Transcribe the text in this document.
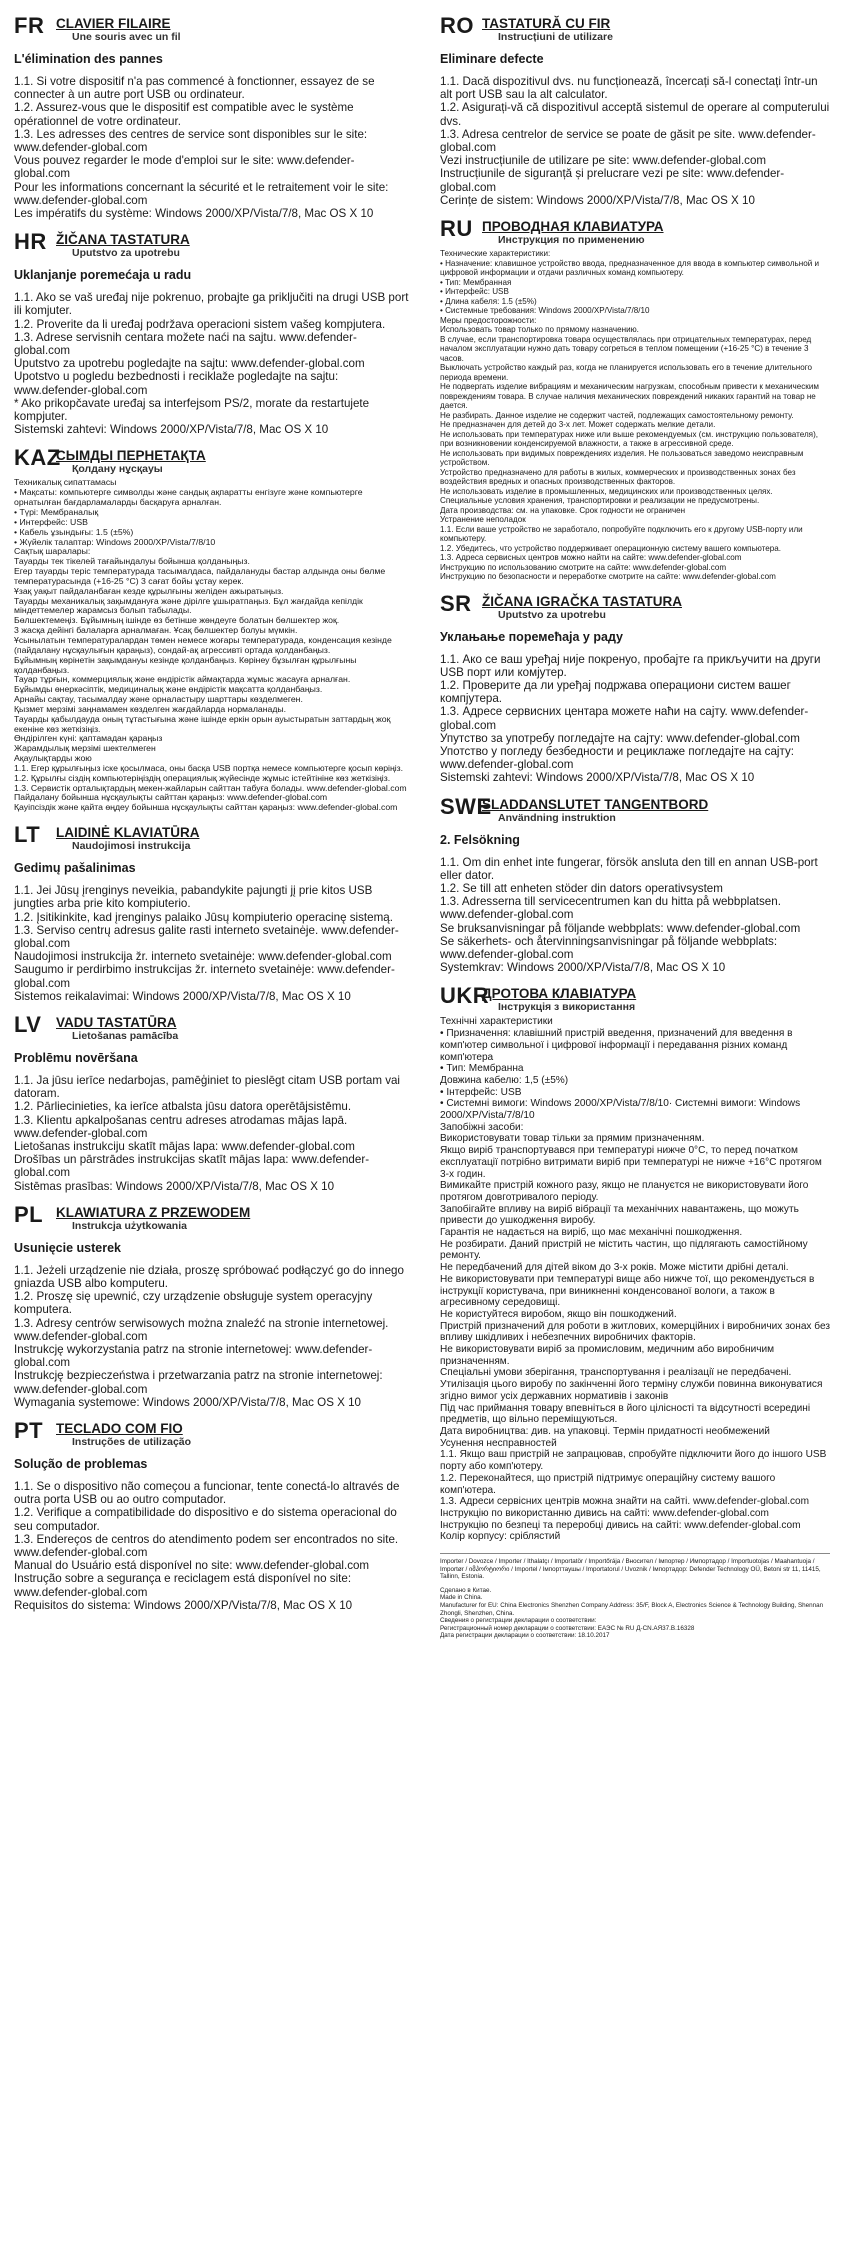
FR CLAVIER FILAIRE
Une souris avec un fil
L'élimination des pannes
1.1. Si votre dispositif n'a pas commencé à fonctionner, essayez de se connecter à un autre port USB ou ordinateur.
1.2. Assurez-vous que le dispositif est compatible avec le système opérationnel de votre ordinateur.
1.3. Les adresses des centres de service sont disponibles sur le site: www.defender-global.com
Vous pouvez regarder le mode d'emploi sur le site: www.defender-global.com
Pour les informations concernant la sécurité et le retraitement voir le site: www.defender-global.com
Les impératifs du système: Windows 2000/XP/Vista/7/8, Mac OS X 10
HR ŽIČANA TASTATURA
Uputstvo za upotrebu
Uklanjanje poremećaja u radu
1.1. Ako se vaš uređaj nije pokrenuo, probajte ga priključiti na drugi USB port ili komjuter.
1.2. Proverite da li uređaj podržava operacioni sistem vašeg kompjutera.
1.3. Adrese servisnih centara možete naći na sajtu. www.defender-global.com
Uputstvo za upotrebu pogledajte na sajtu: www.defender-global.com
Upotstvo u pogledu bezbednosti i reciklaže pogledajte na sajtu: www.defender-global.com
* Ako prikopčavate uređaj sa interfejsom PS/2, morate da restartujete kompjuter.
Sistemski zahtevi: Windows 2000/XP/Vista/7/8, Mac OS X 10
KAZ
СЫМДЫ ПЕРНЕТАҚТА
Қолдану нұсқауы
Техникалық сипаттамасы
• Мақсаты: компьютерге символды және сандық ақпаратты енгізуге және компьютерге орнатылған бағдарламаларды басқаруға арналған.
• Түрі: Мембраналық
• Интерфейс: USB
• Кабель ұзындығы: 1.5 (±5%)
• Жүйелік талаптар: Windows 2000/XP/Vista/7/8/10
Сақтық шаралары:
Тауарды тек тікелей тағайындалуы бойынша қолданыңыз.
Егер тауарды теріс температурада тасымалдаса, пайдалануды бастар алдында оны бөлме температурасында (+16-25 °С) 3 сағат бойы ұстау керек.
Ұзақ уақыт пайдаланбаған кезде құрылғыны желіден ажыратыңыз.
Тауарды механикалық зақымдануға және дірілге ұшыратпаңыз. Бұл жағдайда кепілдік міндеттемелер жарамсыз болып табылады.
Бөлшектемеңіз. Бұйымның ішінде өз бетінше жөндеуге болатын бөлшектер жоқ.
3 жасқа дейінгі балаларға арналмаған. Ұсақ бөлшектер болуы мүмкін.
Ұсынылатын температуралардан төмен немесе жоғары температурада, конденсация кезінде (пайдалану нұсқаулығын қараңыз), сондай-ақ агрессивті ортада қолданбаңыз.
Бұйымның көрінетін зақымдануы кезінде қолданбаңыз. Көрінеу бұзылған құрылғыны қолданбаңыз.
Тауар тұрғын, коммерциялық және өндірістік аймақтарда жұмыс жасауға арналған.
Бұйымды өнеркәсіптік, медициналық және өндірістік мақсатта қолданбаңыз.
Арнайы сақтау, тасымалдау және орналастыру шарттары көзделмеген.
Қызмет мерзімі заңнамамен көзделген жағдайларда нормаланады.
Тауарды қабылдауда оның тұтастығына және ішінде еркін орын ауыстыратын заттардың жоқ екеніне көз жеткізіңіз.
Өндірілген күні: қаптамадан қараңыз
Жарамдылық мерзімі шектелмеген
Ақаулықтарды жою
1.1. Егер құрылғыңыз іске қосылмаса, оны басқа USB портқа немесе компьютерге қосып көріңіз.
1.2. Құрылғы сіздің компьютеріңіздің операциялық жүйесінде жұмыс істейтініне көз жеткізіңіз.
1.3. Сервистік орталықтардың мекен-жайларын сайттан табуға болады. www.defender-global.com
Пайдалану бойынша нұсқаулықты сайттан қараңыз: www.defender-global.com
Қауіпсіздік және қайта өңдеу бойынша нұсқаулықты сайттан қараңыз: www.defender-global.com
LT	LAIDINĖ KLAVIATŪRA
Naudojimosi instrukcija
Gedimų pašalinimas
1.1. Jei Jūsų įrenginys neveikia, pabandykite pajungti jį prie kitos USB jungties arba prie kito kompiuterio.
1.2. Įsitikinkite, kad įrenginys palaiko Jūsų kompiuterio operacinę sistemą.
1.3. Serviso centrų adresus galite rasti interneto svetainėje. www.defender-global.com
Naudojimosi instrukcija žr. interneto svetainėje: www.defender-global.com
Saugumo ir perdirbimo instrukcijas žr. interneto svetainėje: www.defender-global.com
Sistemos reikalavimai: Windows 2000/XP/Vista/7/8, Mac OS X 10
LV	VADU TASTATŪRA
Lietošanas pamācība
Problēmu novēršana
1.1. Ja jūsu ierīce nedarbojas, pamēģiniet to pieslēgt citam USB portam vai datoram.
1.2. Pārliecinieties, ka ierīce atbalsta jūsu datora operētājsistēmu.
1.3. Klientu apkalpošanas centru adreses atrodamas mājas lapā. www.defender-global.com
Lietošanas instrukciju skatīt mājas lapa: www.defender-global.com
Drošības un pārstrādes instrukcijas skatīt mājas lapa: www.defender-global.com
Sistēmas prasības: Windows 2000/XP/Vista/7/8, Mac OS X 10
PL KLAWIATURA Z PRZEWODEM
Instrukcja użytkowania
Usunięcie usterek
1.1. Jeżeli urządzenie nie działa, proszę spróbować podłączyć go do innego gniazda USB albo komputeru.
1.2. Proszę się upewnić, czy urządzenie obsługuje system operacyjny komputera.
1.3. Adresy centrów serwisowych można znaleźć na stronie internetowej. www.defender-global.com
Instrukcję wykorzystania patrz na stronie internetowej: www.defender-global.com
Instrukcję bezpieczeństwa i przetwarzania patrz na stronie internetowej: www.defender-global.com
Wymagania systemowe: Windows 2000/XP/Vista/7/8, Mac OS X 10
PT TECLADO COM FIO
Instruções de utilização
Solução de problemas
1.1. Se o dispositivo não começou a funcionar, tente conectá-lo altravés de outra porta USB ou ao outro computador.
1.2. Verifique a compatibilidade do dispositivo e do sistema operacional do seu computador.
1.3. Endereços de centros do atendimento podem ser encontrados no site. www.defender-global.com
Manual do Usuário está disponível no site: www.defender-global.com
Instrução sobre a segurança e reciclagem está disponível no site: www.defender-global.com
Requisitos do sistema: Windows 2000/XP/Vista/7/8, Mac OS X 10
RO TASTATURĂ CU FIR
Instrucțiuni de utilizare
Eliminare defecte
1.1. Dacă dispozitivul dvs. nu funcționează, încercați să-l conectați într-un alt port USB sau la alt calculator.
1.2. Asigurați-vă că dispozitivul acceptă sistemul de operare al computerului dvs.
1.3. Adresa centrelor de service se poate de găsit pe site. www.defender-global.com
Vezi instrucțiunile de utilizare pe site: www.defender-global.com
Instrucțiunile de siguranță și prelucrare vezi pe site: www.defender-global.com
Cerințe de sistem: Windows 2000/XP/Vista/7/8, Mac OS X 10
RU ПРОВОДНАЯ КЛАВИАТУРА
Инструкция по применению
Технические характеристики:
• Назначение: клавишное устройство ввода, предназначенное для ввода в компьютер символьной и цифровой информации и отдачи различных команд компьютеру.
• Тип: Мембранная
• Интерфейс: USB
• Длина кабеля: 1.5 (±5%)
• Системные требования: Windows 2000/XP/Vista/7/8/10
Меры предосторожности:
Использовать товар только по прямому назначению.
В случае, если транспортировка товара осуществлялась при отрицательных температурах, перед началом эксплуатации нужно дать товару согреться в теплом помещении (+16-25 °С) в течение 3 часов.
Выключать устройство каждый раз, когда не планируется использовать его в течение длительного периода времени.
Не подвергать изделие вибрациям и механическим нагрузкам, способным привести к механическим повреждениям товара. В случае наличия механических повреждений никаких гарантий на товар не дается.
Не разбирать. Данное изделие не содержит частей, подлежащих самостоятельному ремонту.
Не предназначен для детей до 3-х лет. Может содержать мелкие детали.
Не использовать при температурах ниже или выше рекомендуемых (см. инструкцию пользователя), при возникновении конденсируемой влажности, а также в агрессивной среде.
Не использовать при видимых повреждениях изделия. Не пользоваться заведомо неисправным устройством.
Устройство предназначено для работы в жилых, коммерческих и производственных зонах без воздействия вредных и опасных производственных факторов.
Не использовать изделие в промышленных, медицинских или производственных целях.
Специальные условия хранения, транспортировки и реализации не предусмотрены.
Дата производства: см. на упаковке. Срок годности не ограничен
Устранение неполадок
1.1. Если ваше устройство не заработало, попробуйте подключить его к другому USB-порту или компьютеру.
1.2. Убедитесь, что устройство поддерживает операционную систему вашего компьютера.
1.3. Адреса сервисных центров можно найти на сайте: www.defender-global.com
Инструкцию по использованию смотрите на сайте: www.defender-global.com
Инструкцию по безопасности и переработке смотрите на сайте: www.defender-global.com
SR ŽIČANA IGRAČKA TASTATURA
Uputstvo za upotrebu
Уклањање поремећаја у раду
1.1. Ако се ваш уређај није покренуо, пробајте га прикључити на други USB порт или комјутер.
1.2. Проверите да ли уређај подржава операциони систем вашег компјутера.
1.3. Адресе сервисних центара можете наћи на сајту. www.defender-global.com
Упутство за употребу погледајте на сајту: www.defender-global.com
Употство у погледу безбедности и рециклаже погледајте на сајту: www.defender-global.com
Sistemski zahtevi: Windows 2000/XP/Vista/7/8, Mac OS X 10
SWE
SLADDANSLUTET TANGENTBORD
Användning instruktion
2. Felsökning
1.1. Om din enhet inte fungerar, försök ansluta den till en annan USB-port eller dator.
1.2. Se till att enheten stöder din dators operativsystem
1.3. Adresserna till servicecentrumen kan du hitta på webbplatsen. www.defender-global.com
Se bruksanvisningar på följande webbplats: www.defender-global.com
Se säkerhets- och återvinningsanvisningar på följande webbplats: www.defender-global.com
Systemkrav: Windows 2000/XP/Vista/7/8, Mac OS X 10
UKR
ДРОТОВА КЛАВІАТУРА
Інструкція з використання
Технічні характеристики
• Призначення: клавішний пристрій введення, призначений для введення в комп'ютер символьної і цифрової інформації і передавання різних команд комп'ютера
• Тип: Мембранна
Довжина кабелю: 1,5 (±5%)
• Інтерфейс: USB
• Системні вимоги: Windows 2000/XP/Vista/7/8/10· Системні вимоги: Windows 2000/XP/Vista/7/8/10
Запобіжні засоби:
Використовувати товар тільки за прямим призначенням.
Якщо виріб транспортувався при температурі нижче 0°С, то перед початком експлуатації потрібно витримати виріб при температурі не нижче +16°С протягом 3-х годин.
Вимикайте пристрій кожного разу, якщо не плануєтся не використовувати його протягом довготривалого періоду.
Запобігайте впливу на виріб вібрації та механічних навантажень, що можуть привести до ушкодження виробу.
Гарантія не надається на виріб, що має механічні пошкодження.
Не розбирати. Даний пристрій не містить частин, що підлягають самостійному ремонту.
Не передбачений для дітей віком до 3-х років. Може містити дрібні деталі.
Не використовувати при температурі вище або нижче тої, що рекомендується в інструкції користувача, при виникненні конденсованої вологи, а також в агресивному середовищі.
Не користуйтеся виробом, якщо він пошкоджений.
Пристрій призначений для роботи в житлових, комерційних і виробничих зонах без впливу шкідливих і небезпечних виробничих факторів.
Не використовувати виріб за промисловим, медичним або виробничим призначенням.
Спеціальні умови зберігання, транспортування і реалізації не передбачені.
Утилізація цього виробу по закінченні його терміну служби повинна виконуватися згідно вимог усіх державних нормативів і законів
Під час приймання товару впевніться в його цілісності та відсутності всередині предметів, що вільно переміщуються.
Дата виробництва: див. на упаковці. Термін придатності необмежений
Усунення несправностей
1.1. Якщо ваш пристрій не запрацював, спробуйте підключити його до іншого USB порту або комп'ютеру.
1.2. Переконайтеся, що пристрій підтримує операційну систему вашого комп'ютера.
1.3. Адреси сервісних центрів можна знайти на сайті. www.defender-global.com
Інструкцію по використанню дивись на сайті: www.defender-global.com
Інструкцію по безпеці та переробці дивись на сайті: www.defender-global.com
Колір корпусу: сріблястий
Importer / Dovozce / Importer / Ithalatçı / Importatör / Importőrája / Вносител / Імпортер / Импортадор / Importuotojas / Маahantuoja / Importør / იმპორტიორი / Importel / Імпорттаушы / Importatorul / Uvoznik / Імпортадор: Defender Technology OÜ, Betoni str 11, 11415, Tallinn, Estonia.
Сделано в Китае.
Made in China.
Manufacturer for EU: China Electronics Shenzhen Company Address: 35/F, Block A, Electronics Science & Technology Building, Shennan Zhongli, Shenzhen, China.
Сведения о регистрации декларации о соответствии:
Регистрационный номер декларации о соответствии: ЕАЭС № RU Д-CN.АЯ37.В.16328
Дата регистрации декларации о соответствии: 18.10.2017
